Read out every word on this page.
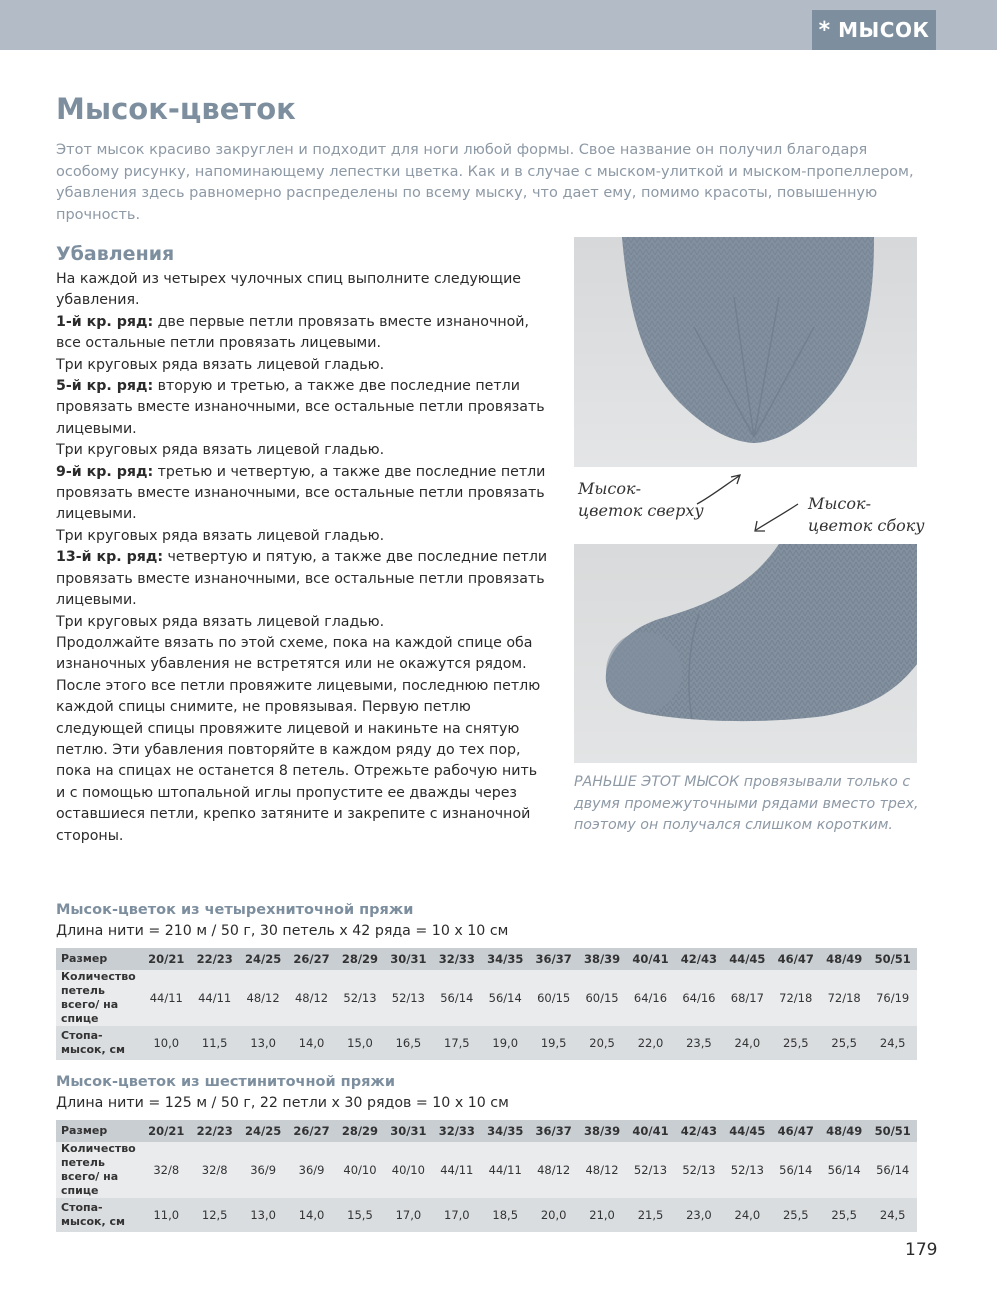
* МЫСОК *
Мысок-цветок

Этот мысок красиво закруглен и подходит для ноги любой формы. Свое название он получил благодаря особому рисунку, напоминающему лепестки цветка. Как и в случае с мыском-улиткой и мыском-пропеллером, убавления здесь равномерно распределены по всему мыску, что дает ему, помимо красоты, повышенную прочность.

Убавления

На каждой из четырех чулочных спиц выполните следующие убавления.

1-й кр. ряд: две первые петли провязать вместе изнаночной, все остальные петли провязать лицевыми.

Три круговых ряда вязать лицевой гладью.

5-й кр. ряд: вторую и третью, а также две последние петли провязать вместе изнаночными, все остальные петли провязать лицевыми.

Три круговых ряда вязать лицевой гладью.

9-й кр. ряд: третью и четвертую, а также две последние петли провязать вместе изнаночными, все остальные петли провязать лицевыми.

Три круговых ряда вязать лицевой гладью.

13-й кр. ряд: четвертую и пятую, а также две последние петли провязать вместе изнаночными, все остальные петли провязать лицевыми.

Три круговых ряда вязать лицевой гладью.

Продолжайте вязать по этой схеме, пока на каждой спице оба изнаночных убавления не встретятся или не окажутся рядом. После этого все петли провяжите лицевыми, последнюю петлю каждой спицы снимите, не провязывая. Первую петлю следующей спицы провяжите лицевой и накиньте на снятую петлю. Эти убавления повторяйте в каждом ряду до тех пор, пока на спицах не останется 8 петель. Отрежьте рабочую нить и с помощью штопальной иглы пропустите ее дважды через оставшиеся петли, крепко затяните и закрепите с изнаночной стороны.

Мысок-
цветок сверху	Мысок-
цветок сбоку

РАНЬШЕ ЭТОТ МЫСОК провязывали только с двумя промежуточными рядами вместо трех, поэтому он получался слишком коротким.

Мысок-цветок из четырехниточной пряжи

Длина нити = 210 м / 50 г, 30 петель х 42 ряда = 10 х 10 см

Размер	20/21	22/23	24/25	26/27	28/29	30/31	32/33	34/35	36/37	38/39	40/41	42/43	44/45	46/47	48/49	50/51
Количество петель всего/ на спице	44/11	44/11	48/12	48/12	52/13	52/13	56/14	56/14	60/15	60/15	64/16	64/16	68/17	72/18	72/18	76/19
Стопа-мысок, см	10,0	11,5	13,0	14,0	15,0	16,5	17,5	19,0	19,5	20,5	22,0	23,5	24,0	25,5	25,5	24,5

Мысок-цветок из шестиниточной пряжи

Длина нити = 125 м / 50 г, 22 петли х 30 рядов = 10 х 10 см

Размер	20/21	22/23	24/25	26/27	28/29	30/31	32/33	34/35	36/37	38/39	40/41	42/43	44/45	46/47	48/49	50/51
Количество петель всего/ на спице	32/8	32/8	36/9	36/9	40/10	40/10	44/11	44/11	48/12	48/12	52/13	52/13	52/13	56/14	56/14	56/14
Стопа-мысок, см	11,0	12,5	13,0	14,0	15,5	17,0	17,0	18,5	20,0	21,0	21,5	23,0	24,0	25,5	25,5	24,5
179
